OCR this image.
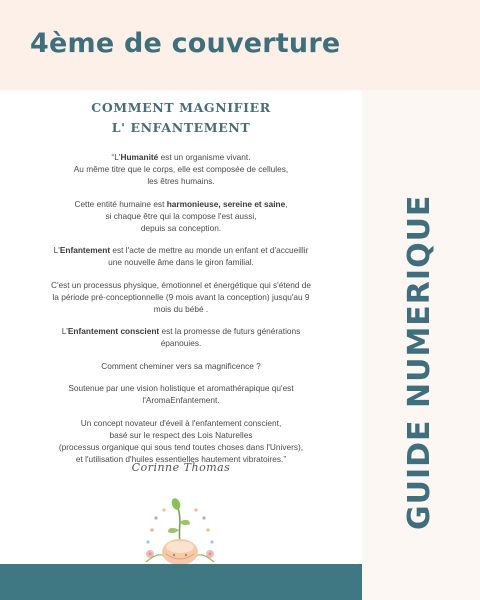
4ème de couverture
GUIDE NUMERIQUE
COMMENT MAGNIFIER
L' ENFANTEMENT

“L'Humanité est un organisme vivant.
Au même titre que le corps, elle est composée de cellules,
les êtres humains.

Cette entité humaine est harmonieuse, sereine et saine,
si chaque être qui la compose l'est aussi,
depuis sa conception.

L'Enfantement est l'acte de mettre au monde un enfant et d'accueillir
une nouvelle âme dans le giron familial.

C'est un processus physique, émotionnel et énergétique qui s'étend de
la période pré-conceptionnelle (9 mois avant la conception) jusqu'au 9
mois du bébé .

L'Enfantement conscient est la promesse de futurs générations
épanouies.

Comment cheminer vers sa magnificence ?

Soutenue par une vision holistique et aromathérapique qu'est
l'AromaEnfantement.

Un concept novateur d'éveil à l'enfantement conscient,
basé sur le respect des Lois Naturelles
(processus organique qui sous tend toutes choses dans l'Univers),
et l'utilisation d'huiles essentielles hautement vibratoires.”

Corinne Thomas
